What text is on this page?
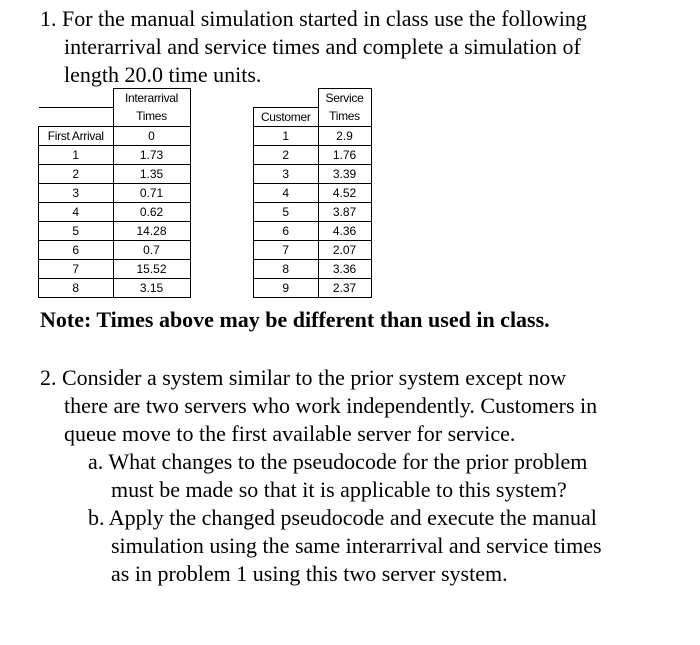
1. For the manual simulation started in class use the following
interarrival and service times and complete a simulation of
length 20.0 time units.
	Interarrival
	Times
First Arrival	0
1	1.73
2	1.35
3	0.71
4	0.62
5	14.28
6	0.7
7	15.52
8	3.15
	Service
Customer	Times
1	2.9
2	1.76
3	3.39
4	4.52
5	3.87
6	4.36
7	2.07
8	3.36
9	2.37
Note: Times above may be different than used in class.
2. Consider a system similar to the prior system except now
there are two servers who work independently. Customers in
queue move to the first available server for service.
a. What changes to the pseudocode for the prior problem
must be made so that it is applicable to this system?
b. Apply the changed pseudocode and execute the manual
simulation using the same interarrival and service times
as in problem 1 using this two server system.
